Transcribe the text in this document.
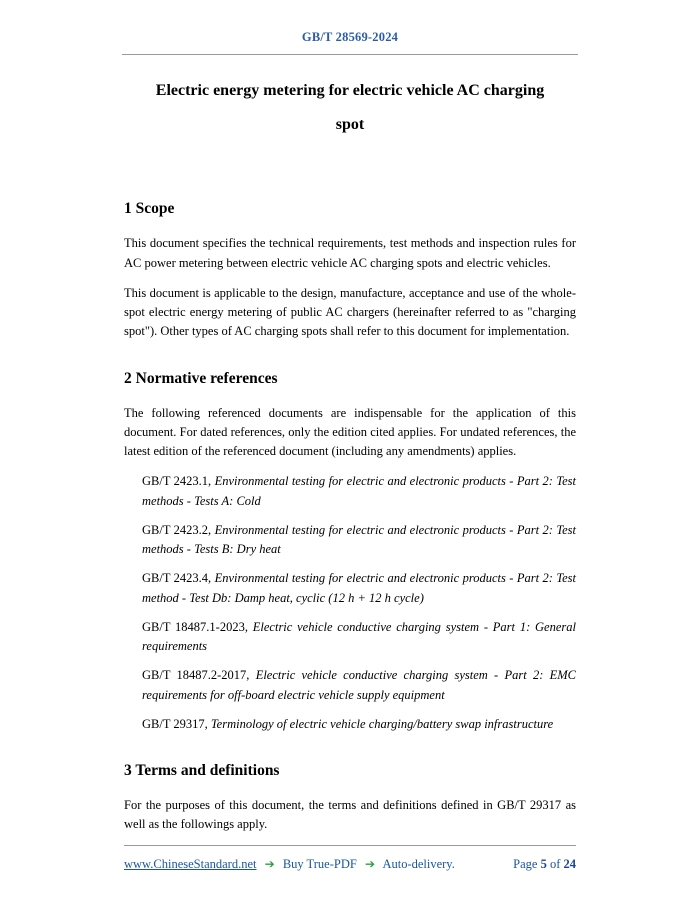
GB/T 28569-2024
Electric energy metering for electric vehicle AC charging
spot
1 Scope

This document specifies the technical requirements, test methods and inspection rules for AC power metering between electric vehicle AC charging spots and electric vehicles.

This document is applicable to the design, manufacture, acceptance and use of the whole-spot electric energy metering of public AC chargers (hereinafter referred to as "charging spot"). Other types of AC charging spots shall refer to this document for implementation.

2 Normative references

The following referenced documents are indispensable for the application of this document. For dated references, only the edition cited applies. For undated references, the latest edition of the referenced document (including any amendments) applies.

GB/T 2423.1, Environmental testing for electric and electronic products - Part 2: Test methods - Tests A: Cold

GB/T 2423.2, Environmental testing for electric and electronic products - Part 2: Test methods - Tests B: Dry heat

GB/T 2423.4, Environmental testing for electric and electronic products - Part 2: Test method - Test Db: Damp heat, cyclic (12 h + 12 h cycle)

GB/T 18487.1-2023, Electric vehicle conductive charging system - Part 1: General requirements

GB/T 18487.2-2017, Electric vehicle conductive charging system - Part 2: EMC requirements for off-board electric vehicle supply equipment

GB/T 29317, Terminology of electric vehicle charging/battery swap infrastructure

3 Terms and definitions

For the purposes of this document, the terms and definitions defined in GB/T 29317 as well as the followings apply.

www.ChineseStandard.net ➔ Buy True-PDF ➔ Auto-delivery.	Page 5 of 24
